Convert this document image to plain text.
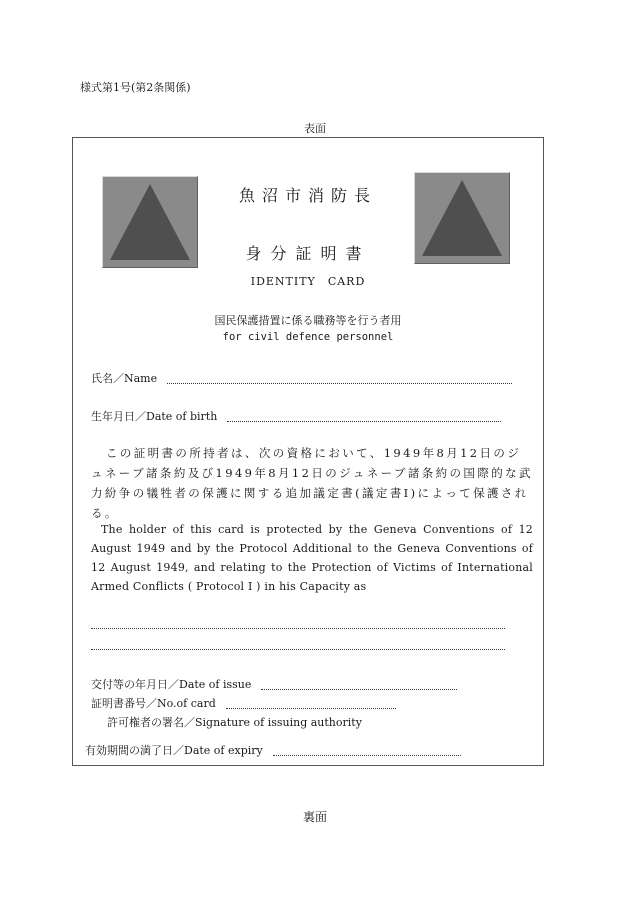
様式第1号(第2条関係)
表面
魚沼市消防長
身分証明書
IDENTITY　CARD
国民保護措置に係る職務等を行う者用
for civil defence personnel
氏名／Name
生年月日／Date of birth

この証明書の所持者は、次の資格において、1949年8月12日のジュネーブ諸条約及び1949年8月12日のジュネーブ諸条約の国際的な武力紛争の犠牲者の保護に関する追加議定書(議定書Ⅰ)によって保護される。

The holder of this card is protected by the Geneva Conventions of 12 August 1949 and by the Protocol Additional to the Geneva Conventions of 12 August 1949, and relating to the Protection of Victims of International Armed Conflicts ( Protocol I ) in his Capacity as

交付等の年月日／Date of issue
証明書番号／No.of card
許可権者の署名／Signature of issuing authority
有効期間の満了日／Date of expiry
裏面
